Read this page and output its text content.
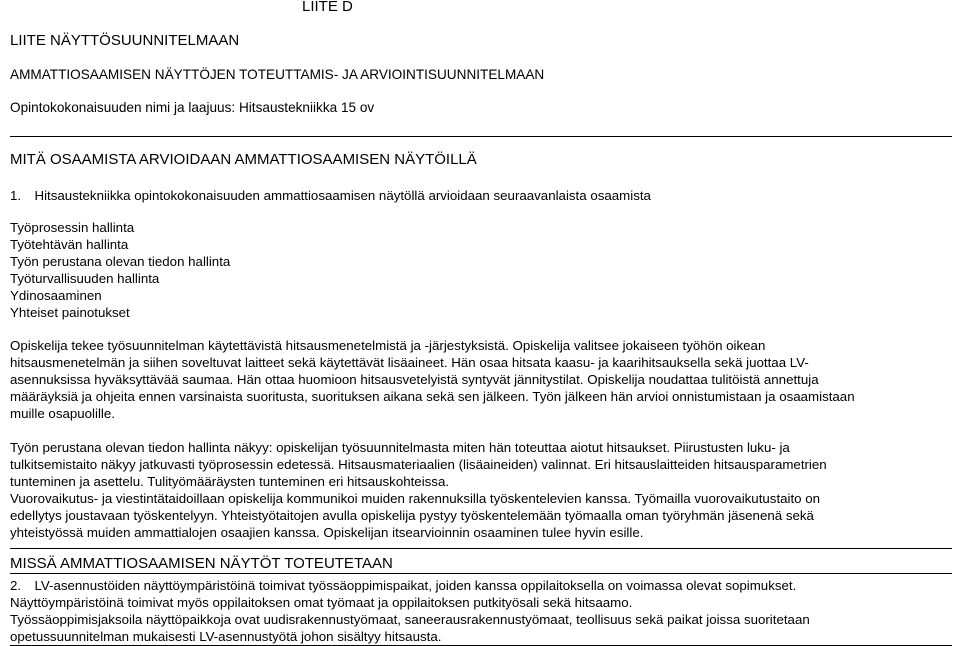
LIITE D
LIITE NÄYTTÖSUUNNITELMAAN
AMMATTIOSAAMISEN NÄYTTÖJEN TOTEUTTAMIS- JA ARVIOINTISUUNNITELMAAN
Opintokokonaisuuden nimi ja laajuus: Hitsaustekniikka 15 ov
MITÄ OSAAMISTA ARVIOIDAAN AMMATTIOSAAMISEN NÄYTÖILLÄ
1. Hitsaustekniikka opintokokonaisuuden ammattiosaamisen näytöllä arvioidaan seuraavanlaista osaamista
Työprosessin hallinta
Työtehtävän hallinta
Työn perustana olevan tiedon hallinta
Työturvallisuuden hallinta
Ydinosaaminen
Yhteiset painotukset
Opiskelija tekee työsuunnitelman käytettävistä hitsausmenetelmistä ja -järjestyksistä. Opiskelija valitsee jokaiseen työhön oikean
hitsausmenetelmän ja siihen soveltuvat laitteet sekä käytettävät lisäaineet. Hän osaa hitsata kaasu- ja kaarihitsauksella sekä juottaa LV-
asennuksissa hyväksyttävää saumaa. Hän ottaa huomioon hitsausvetelyistä syntyvät jännitystilat. Opiskelija noudattaa tulitöistä annettuja
määräyksiä ja ohjeita ennen varsinaista suoritusta, suorituksen aikana sekä sen jälkeen. Työn jälkeen hän arvioi onnistumistaan ja osaamistaan
muille osapuolille.
Työn perustana olevan tiedon hallinta näkyy: opiskelijan työsuunnitelmasta miten hän toteuttaa aiotut hitsaukset. Piirustusten luku- ja
tulkitsemistaito näkyy jatkuvasti työprosessin edetessä. Hitsausmateriaalien (lisäaineiden) valinnat. Eri hitsauslaitteiden hitsausparametrien
tunteminen ja asettelu. Tulityömääräysten tunteminen eri hitsauskohteissa.
Vuorovaikutus- ja viestintätaidoillaan opiskelija kommunikoi muiden rakennuksilla työskentelevien kanssa. Työmailla vuorovaikutustaito on
edellytys joustavaan työskentelyyn. Yhteistyötaitojen avulla opiskelija pystyy työskentelemään työmaalla oman työryhmän jäsenenä sekä
yhteistyössä muiden ammattialojen osaajien kanssa. Opiskelijan itsearvioinnin osaaminen tulee hyvin esille.
MISSÄ AMMATTIOSAAMISEN NÄYTÖT TOTEUTETAAN
2. LV-asennustöiden näyttöympäristöinä toimivat työssäoppimispaikat, joiden kanssa oppilaitoksella on voimassa olevat sopimukset.
Näyttöympäristöinä toimivat myös oppilaitoksen omat työmaat ja oppilaitoksen putkityösali sekä hitsaamo.
Työssäoppimisjaksoila näyttöpaikkoja ovat uudisrakennustyömaat, saneerausrakennustyömaat, teollisuus sekä paikat joissa suoritetaan
opetussuunnitelman mukaisesti LV-asennustyötä johon sisältyy hitsausta.
